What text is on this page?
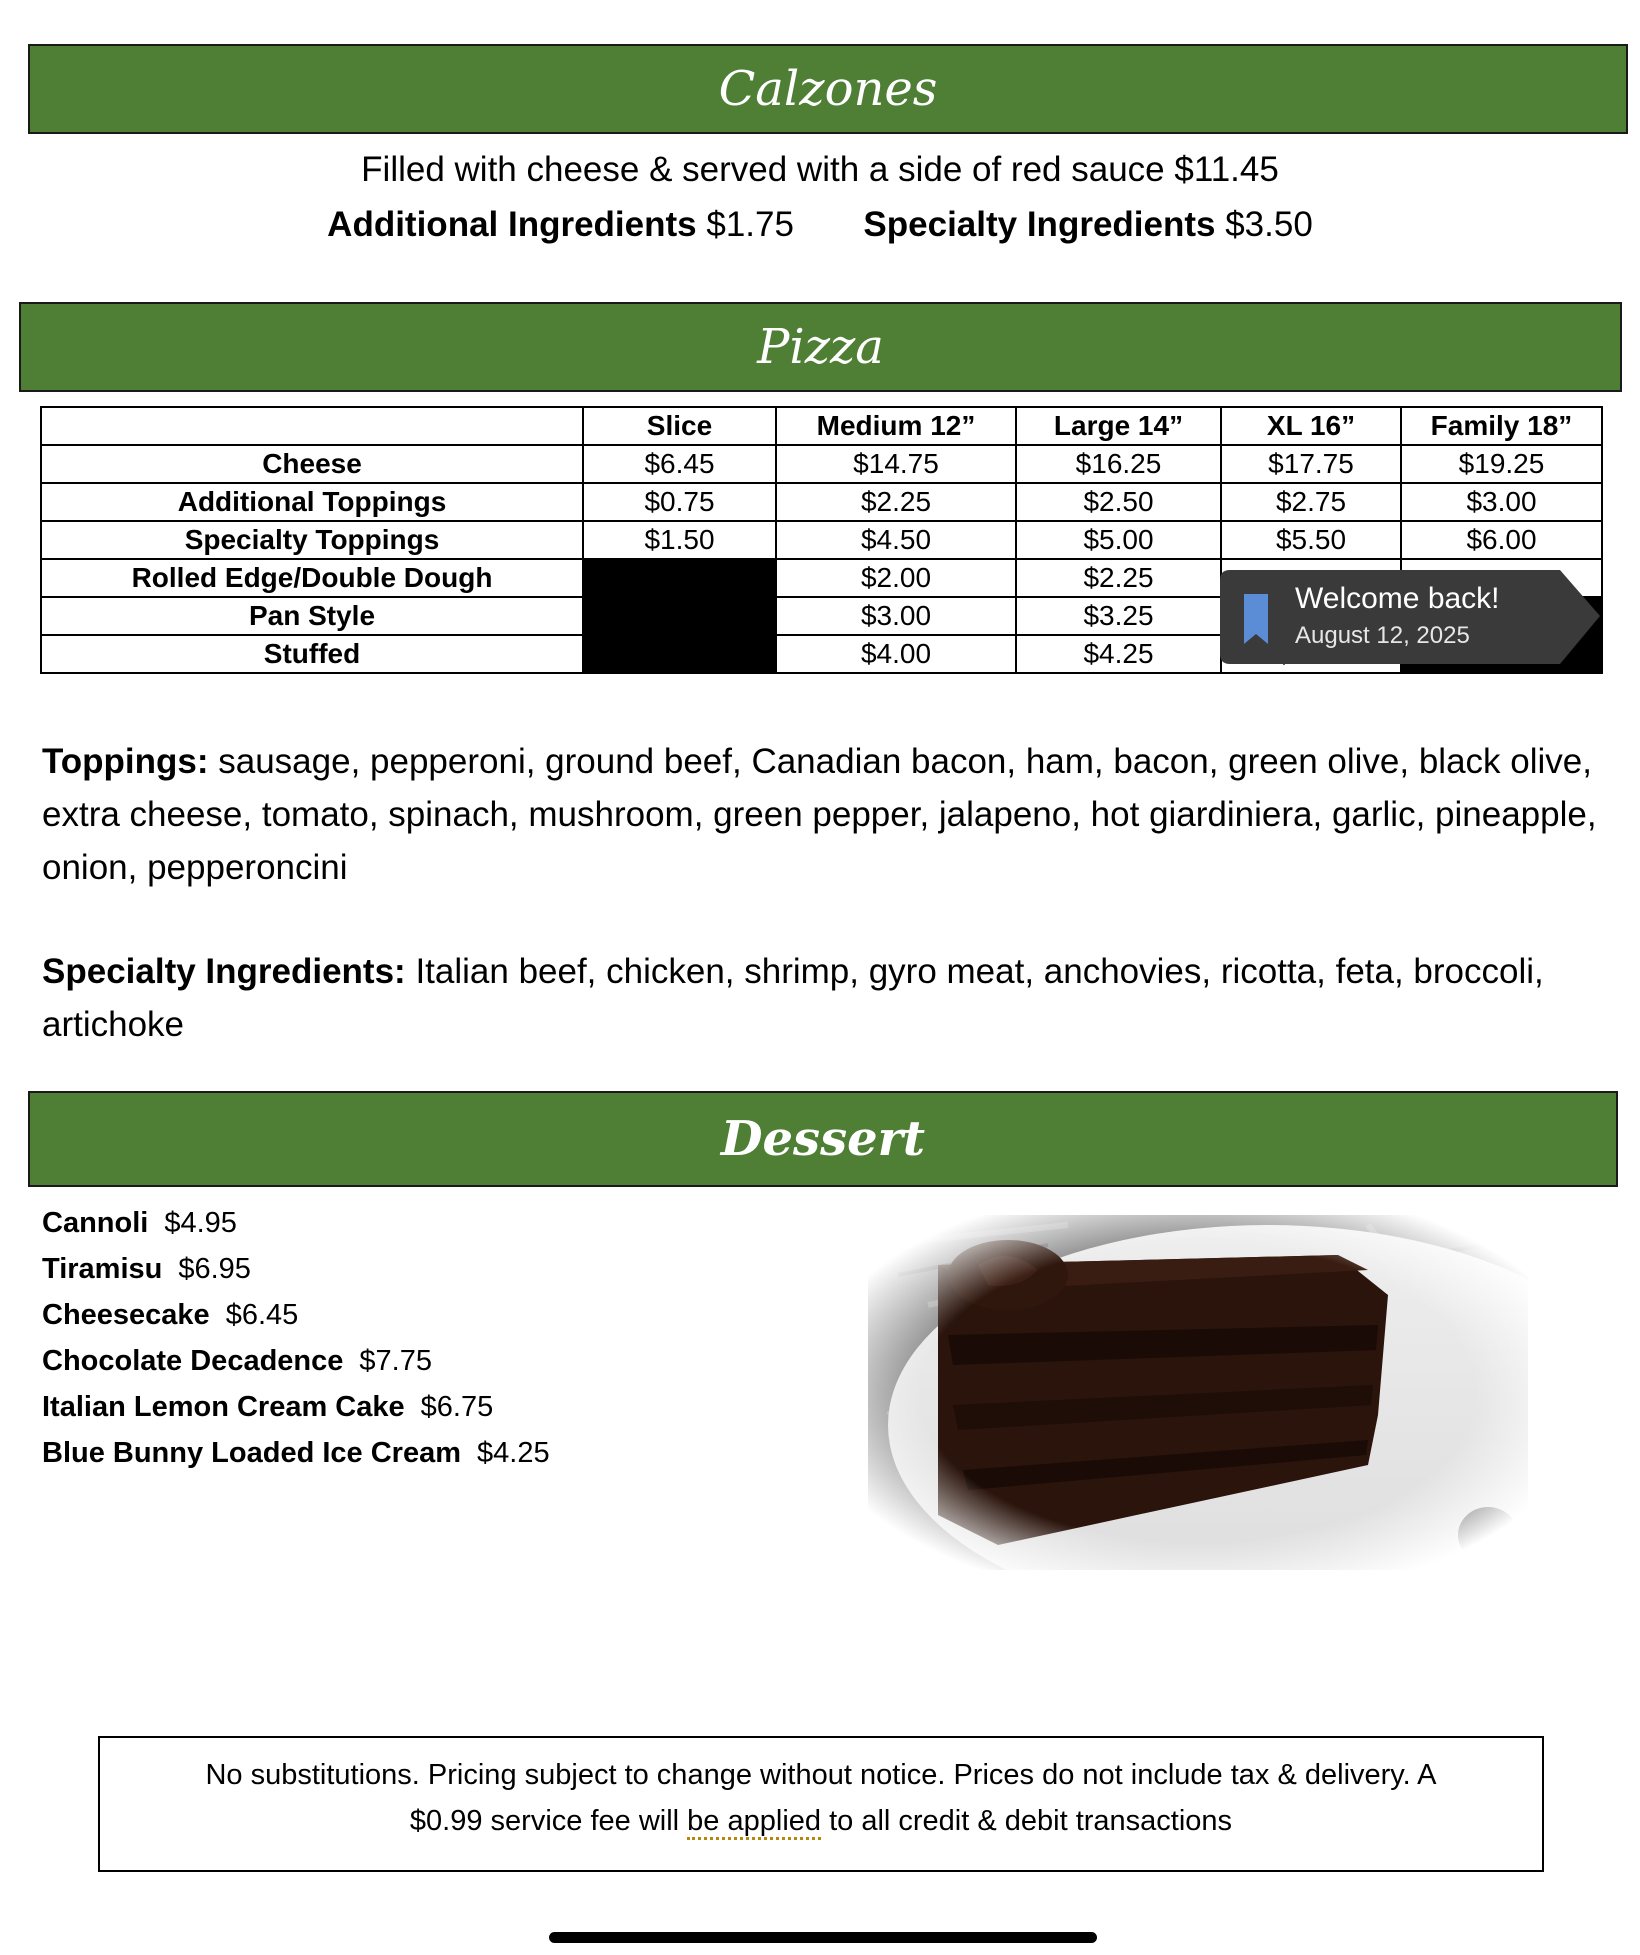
Calzones
Filled with cheese & served with a side of red sauce $11.45
Additional Ingredients $1.75 Specialty Ingredients $3.50
Pizza
	Slice	Medium 12”	Large 14”	XL 16”	Family 18”
Cheese	$6.45	$14.75	$16.25	$17.75	$19.25
Additional Toppings	$0.75	$2.25	$2.50	$2.75	$3.00
Specialty Toppings	$1.50	$4.50	$5.00	$5.50	$6.00
Rolled Edge/Double Dough		$2.00	$2.25		
Pan Style		$3.00	$3.25		
Stuffed		$4.00	$4.25		
Welcome back!
August 12, 2025
Toppings: sausage, pepperoni, ground beef, Canadian bacon, ham, bacon, green olive, black olive, extra cheese, tomato, spinach, mushroom, green pepper, jalapeno, hot giardiniera, garlic, pineapple, onion, pepperoncini
Specialty Ingredients: Italian beef, chicken, shrimp, gyro meat, anchovies, ricotta, feta, broccoli, artichoke
Dessert
Cannoli $4.95
Tiramisu $6.95
Cheesecake $6.45
Chocolate Decadence $7.75
Italian Lemon Cream Cake $6.75
Blue Bunny Loaded Ice Cream $4.25
No substitutions. Pricing subject to change without notice. Prices do not include tax & delivery. A
$0.99 service fee will be applied to all credit & debit transactions
